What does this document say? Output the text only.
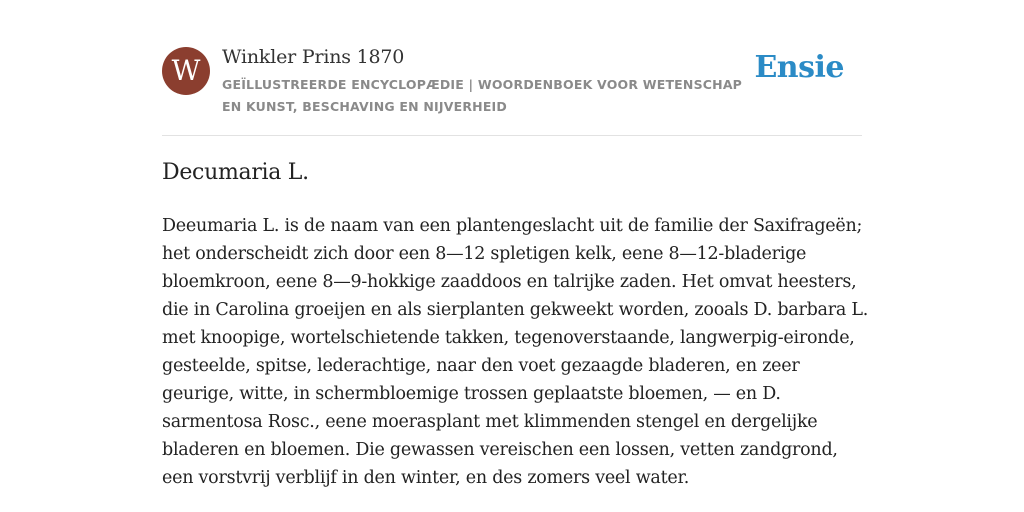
W	Winkler Prins 1870
GEÏLLUSTREERDE ENCYCLOPÆDIE | WOORDENBOEK VOOR WETENSCHAP EN KUNST, BESCHAVING EN NIJVERHEID
Ensie
Decumaria L.

Deeumaria L. is de naam van een plantengeslacht uit de familie der Saxifrageën; het onderscheidt zich door een 8—12 spletigen kelk, eene 8—12-bladerige bloemkroon, eene 8—9-hokkige zaaddoos en talrijke zaden. Het omvat heesters, die in Carolina groeijen en als sierplanten gekweekt worden, zooals D. barbara L. met knoopige, wortelschietende takken, tegenoverstaande, langwerpig-eironde, gesteelde, spitse, lederachtige, naar den voet gezaagde bladeren, en zeer geurige, witte, in schermbloemige trossen geplaatste bloemen, — en D. sarmentosa Rosc., eene moerasplant met klimmenden stengel en dergelijke bladeren en bloemen. Die gewassen vereischen een lossen, vetten zandgrond, een vorstvrij verblijf in den winter, en des zomers veel water.
